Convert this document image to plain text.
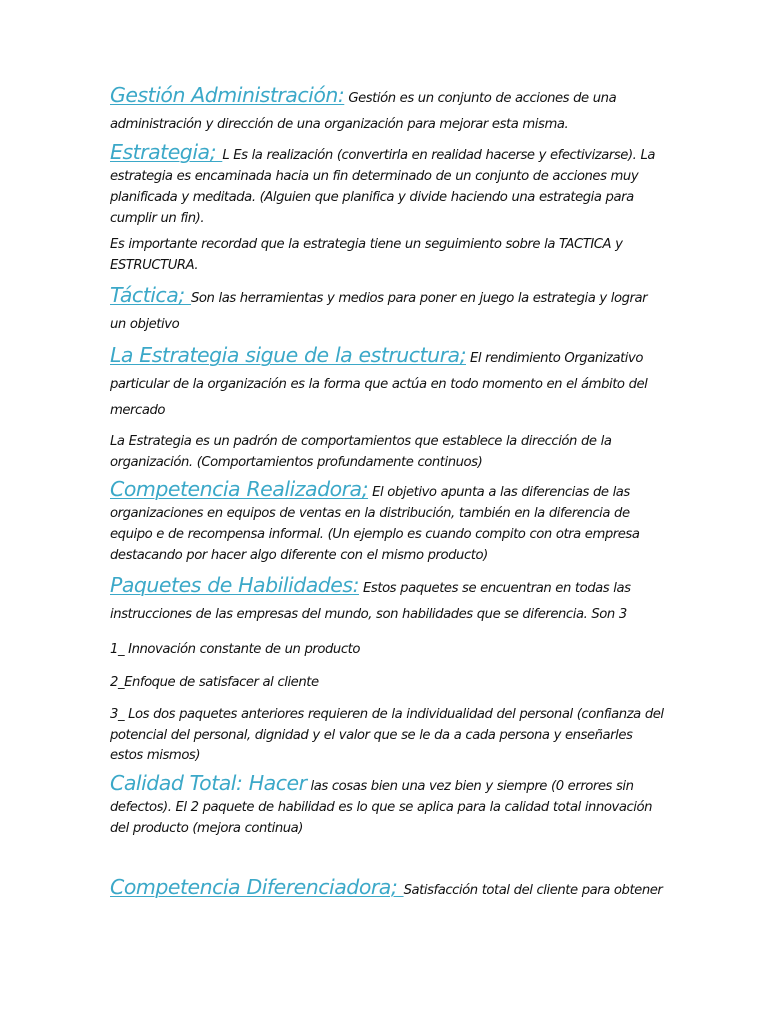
Gestión Administración: Gestión es un conjunto de acciones de una administración y dirección de una organización para mejorar esta misma.

Estrategia; L Es la realización (convertirla en realidad hacerse y efectivizarse). La estrategia es encaminada hacia un fin determinado de un conjunto de acciones muy planificada y meditada. (Alguien que planifica y divide haciendo una estrategia para cumplir un fin).

Es importante recordad que la estrategia tiene un seguimiento sobre la TACTICA y ESTRUCTURA.

Táctica; Son las herramientas y medios para poner en juego la estrategia y lograr un objetivo

La Estrategia sigue de la estructura; El rendimiento Organizativo particular de la organización es la forma que actúa en todo momento en el ámbito del mercado

La Estrategia es un padrón de comportamientos que establece la dirección de la organización. (Comportamientos profundamente continuos)

Competencia Realizadora; El objetivo apunta a las diferencias de las organizaciones en equipos de ventas en la distribución, también en la diferencia de equipo e de recompensa informal. (Un ejemplo es cuando compito con otra empresa destacando por hacer algo diferente con el mismo producto)

Paquetes de Habilidades: Estos paquetes se encuentran en todas las instrucciones de las empresas del mundo, son habilidades que se diferencia. Son 3

1_ Innovación constante de un producto

2_Enfoque de satisfacer al cliente

3_ Los dos paquetes anteriores requieren de la individualidad del personal (confianza del potencial del personal, dignidad y el valor que se le da a cada persona y enseñarles estos mismos)

Calidad Total: Hacer las cosas bien una vez bien y siempre (0 errores sin defectos). El 2 paquete de habilidad es lo que se aplica para la calidad total innovación del producto (mejora continua)

Competencia Diferenciadora; Satisfacción total del cliente para obtener
